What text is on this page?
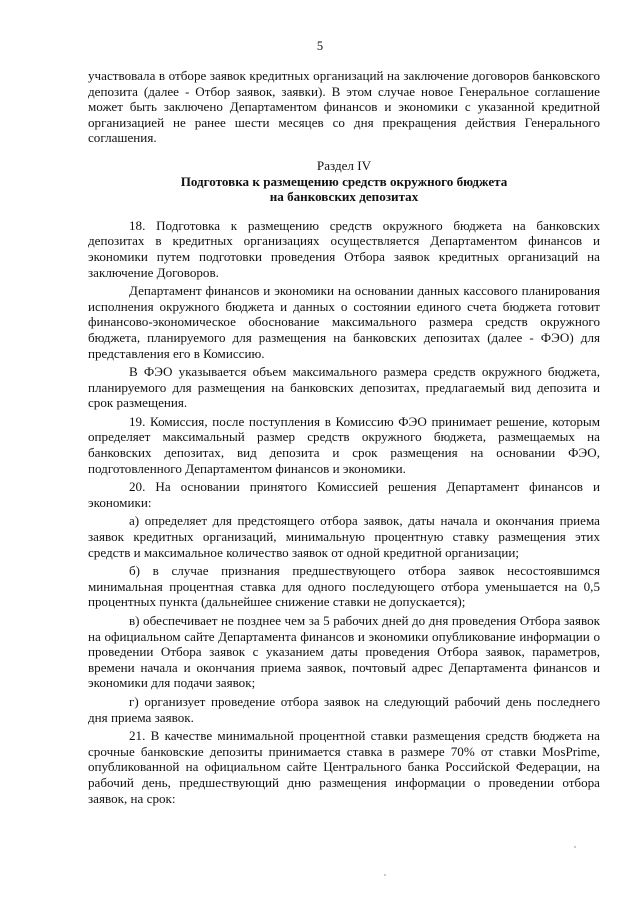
5

участвовала в отборе заявок кредитных организаций на заключение договоров банковского депозита (далее - Отбор заявок, заявки). В этом случае новое Генеральное соглашение может быть заключено Департаментом финансов и экономики с указанной кредитной организацией не ранее шести месяцев со дня прекращения действия Генерального соглашения.

Раздел IV
Подготовка к размещению средств окружного бюджета
на банковских депозитах

18. Подготовка к размещению средств окружного бюджета на банковских депозитах в кредитных организациях осуществляется Департаментом финансов и экономики путем подготовки проведения Отбора заявок кредитных организаций на заключение Договоров.

Департамент финансов и экономики на основании данных кассового планирования исполнения окружного бюджета и данных о состоянии единого счета бюджета готовит финансово-экономическое обоснование максимального размера средств окружного бюджета, планируемого для размещения на банковских депозитах (далее - ФЭО) для представления его в Комиссию.

В ФЭО указывается объем максимального размера средств окружного бюджета, планируемого для размещения на банковских депозитах, предлагаемый вид депозита и срок размещения.

19. Комиссия, после поступления в Комиссию ФЭО принимает решение, которым определяет максимальный размер средств окружного бюджета, размещаемых на банковских депозитах, вид депозита и срок размещения на основании ФЭО, подготовленного Департаментом финансов и экономики.

20. На основании принятого Комиссией решения Департамент финансов и экономики:

а) определяет для предстоящего отбора заявок, даты начала и окончания приема заявок кредитных организаций, минимальную процентную ставку размещения этих средств и максимальное количество заявок от одной кредитной организации;

б) в случае признания предшествующего отбора заявок несостоявшимся минимальная процентная ставка для одного последующего отбора уменьшается на 0,5 процентных пункта (дальнейшее снижение ставки не допускается);

в) обеспечивает не позднее чем за 5 рабочих дней до дня проведения Отбора заявок на официальном сайте Департамента финансов и экономики опубликование информации о проведении Отбора заявок с указанием даты проведения Отбора заявок, параметров, времени начала и окончания приема заявок, почтовый адрес Департамента финансов и экономики для подачи заявок;

г) организует проведение отбора заявок на следующий рабочий день последнего дня приема заявок.

21. В качестве минимальной процентной ставки размещения средств бюджета на срочные банковские депозиты принимается ставка в размере 70% от ставки MosPrime, опубликованной на официальном сайте Центрального банка Российской Федерации, на рабочий день, предшествующий дню размещения информации о проведении отбора заявок, на срок:
